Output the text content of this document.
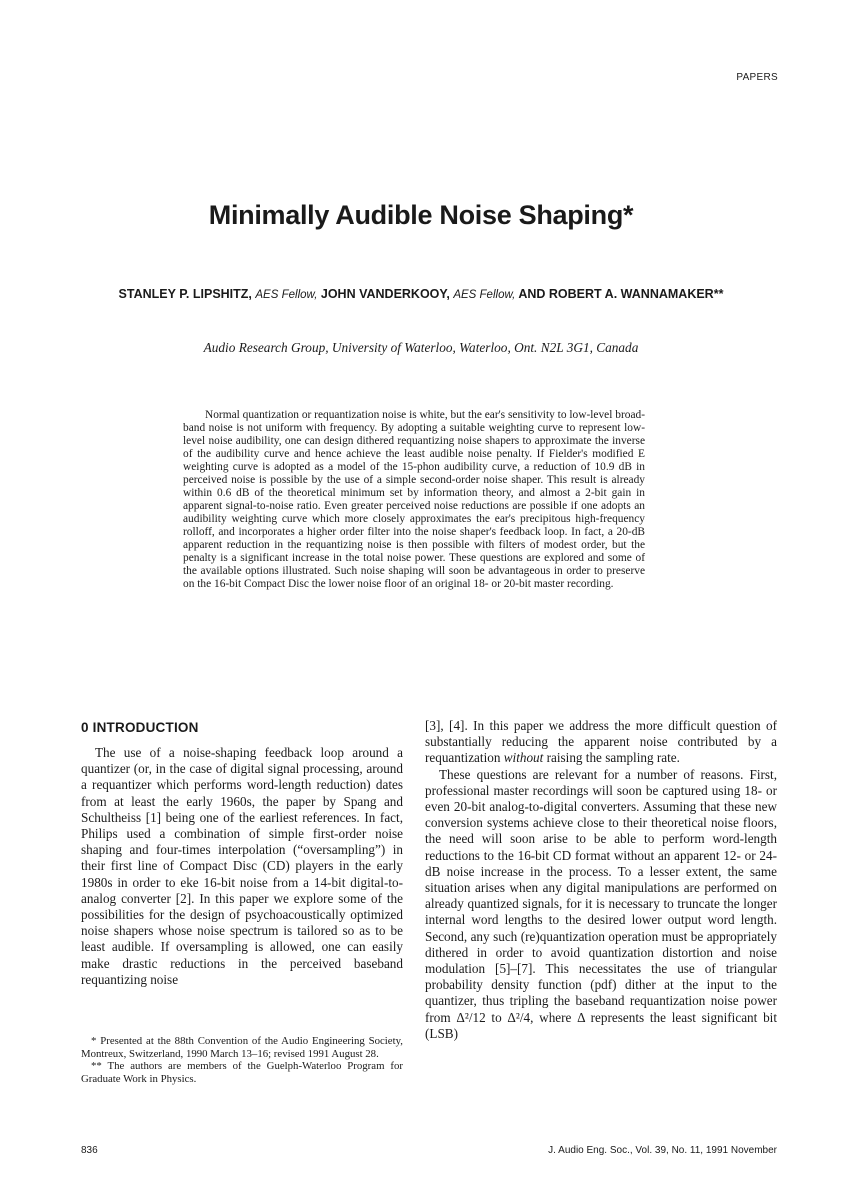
PAPERS
Minimally Audible Noise Shaping*
STANLEY P. LIPSHITZ, AES Fellow, JOHN VANDERKOOY, AES Fellow, AND ROBERT A. WANNAMAKER**
Audio Research Group, University of Waterloo, Waterloo, Ont. N2L 3G1, Canada

Normal quantization or requantization noise is white, but the ear's sensitivity to low-level broad-band noise is not uniform with frequency. By adopting a suitable weighting curve to represent low-level noise audibility, one can design dithered requantizing noise shapers to approximate the inverse of the audibility curve and hence achieve the least audible noise penalty. If Fielder's modified E weighting curve is adopted as a model of the 15-phon audibility curve, a reduction of 10.9 dB in perceived noise is possible by the use of a simple second-order noise shaper. This result is already within 0.6 dB of the theoretical minimum set by information theory, and almost a 2-bit gain in apparent signal-to-noise ratio. Even greater perceived noise reductions are possible if one adopts an audibility weighting curve which more closely approximates the ear's precipitous high-frequency rolloff, and incorporates a higher order filter into the noise shaper's feedback loop. In fact, a 20-dB apparent reduction in the requantizing noise is then possible with filters of modest order, but the penalty is a significant increase in the total noise power. These questions are explored and some of the available options illustrated. Such noise shaping will soon be advantageous in order to preserve on the 16-bit Compact Disc the lower noise floor of an original 18- or 20-bit master recording.

0 INTRODUCTION

The use of a noise-shaping feedback loop around a quantizer (or, in the case of digital signal processing, around a requantizer which performs word-length reduction) dates from at least the early 1960s, the paper by Spang and Schultheiss [1] being one of the earliest references. In fact, Philips used a combination of simple first-order noise shaping and four-times interpolation (“oversampling”) in their first line of Compact Disc (CD) players in the early 1980s in order to eke 16-bit noise from a 14-bit digital-to-analog converter [2]. In this paper we explore some of the possibilities for the design of psychoacoustically optimized noise shapers whose noise spectrum is tailored so as to be least audible. If oversampling is allowed, one can easily make drastic reductions in the perceived baseband requantizing noise

[3], [4]. In this paper we address the more difficult question of substantially reducing the apparent noise contributed by a requantization without raising the sampling rate.

These questions are relevant for a number of reasons. First, professional master recordings will soon be captured using 18- or even 20-bit analog-to-digital converters. Assuming that these new conversion systems achieve close to their theoretical noise floors, the need will soon arise to be able to perform word-length reductions to the 16-bit CD format without an apparent 12- or 24-dB noise increase in the process. To a lesser extent, the same situation arises when any digital manipulations are performed on already quantized signals, for it is necessary to truncate the longer internal word lengths to the desired lower output word length. Second, any such (re)quantization operation must be appropriately dithered in order to avoid quantization distortion and noise modulation [5]–[7]. This necessitates the use of triangular probability density function (pdf) dither at the input to the quantizer, thus tripling the baseband requantization noise power from Δ²/12 to Δ²/4, where Δ represents the least significant bit (LSB)

* Presented at the 88th Convention of the Audio Engineering Society, Montreux, Switzerland, 1990 March 13–16; revised 1991 August 28.

** The authors are members of the Guelph-Waterloo Program for Graduate Work in Physics.

836	J. Audio Eng. Soc., Vol. 39, No. 11, 1991 November
